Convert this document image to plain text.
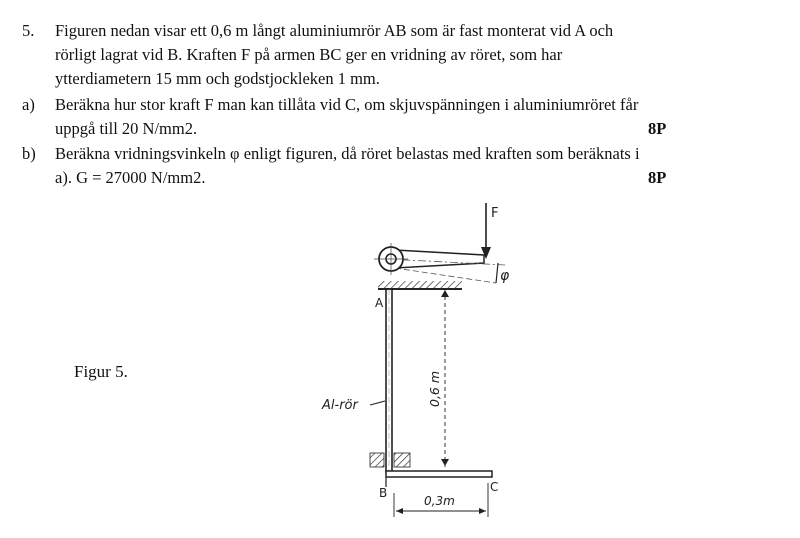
5. Figuren nedan visar ett 0,6 m långt aluminiumrör AB som är fast monterat vid A och
rörligt lagrat vid B. Kraften F på armen BC ger en vridning av röret, som har
ytterdiametern 15 mm och godstjockleken 1 mm.
a) Beräkna hur stor kraft F man kan tillåta vid C, om skjuvspänningen i aluminiumröret får
uppgå till 20 N/mm2.	8P
b) Beräkna vridningsvinkeln φ enligt figuren, då röret belastas med kraften som beräknats i
a). G = 27000 N/mm2.	8P
Figur 5.
F
φ
A
Al-rör	0,6 m
B	C
0,3m
